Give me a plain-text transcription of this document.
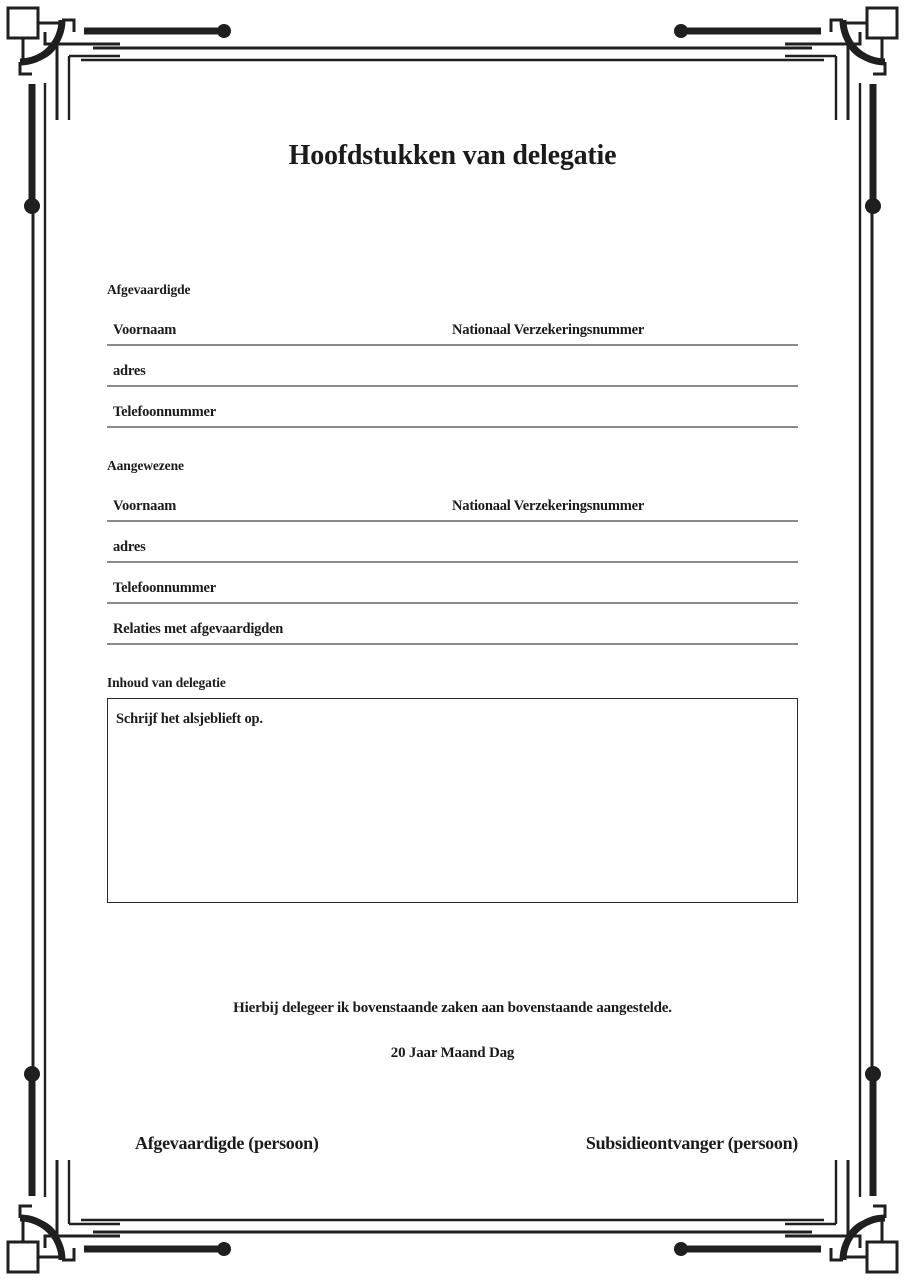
Hoofdstukken van delegatie
Afgevaardigde
Voornaam	Nationaal Verzekeringsnummer
adres
Telefoonnummer
Aangewezene
Voornaam	Nationaal Verzekeringsnummer
adres
Telefoonnummer
Relaties met afgevaardigden
Inhoud van delegatie
Schrijf het alsjeblieft op.
Hierbij delegeer ik bovenstaande zaken aan bovenstaande aangestelde.
20 Jaar Maand Dag
Afgevaardigde (persoon)	Subsidieontvanger (persoon)
